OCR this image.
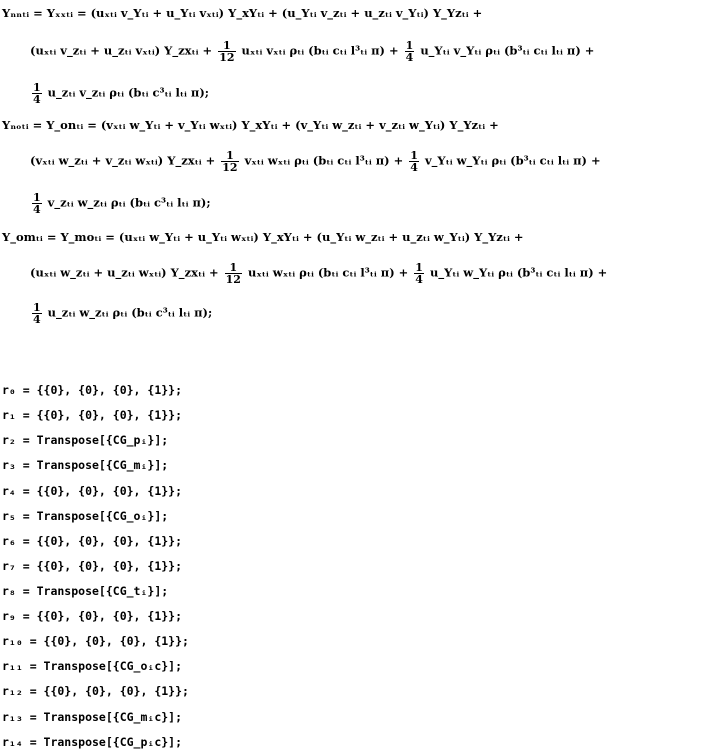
Yₙₙₜᵢ = Yₓₓₜᵢ = (uₓₜᵢ v_Yₜᵢ + u_Yₜᵢ vₓₜᵢ) Y_xYₜᵢ + (u_Yₜᵢ v_zₜᵢ + u_zₜᵢ v_Yₜᵢ) Y_Yzₜᵢ +
(uₓₜᵢ v_zₜᵢ + u_zₜᵢ vₓₜᵢ) Y_zxₜᵢ + $\frac{1}{12}$ uₓₜᵢ vₓₜᵢ ρₜᵢ (bₜᵢ cₜᵢ l³ₜᵢ $\pi) + \frac{1}{4}$ u_Yₜᵢ v_Yₜᵢ ρₜᵢ (b³ₜᵢ cₜᵢ lₜᵢ π) +
$\frac{1}{4}$ u_zₜᵢ v_zₜᵢ ρₜᵢ (bₜᵢ c³ₜᵢ lₜᵢ π);
Yₙₒₜᵢ = Y_onₜᵢ = (vₓₜᵢ w_Yₜᵢ + v_Yₜᵢ wₓₜᵢ) Y_xYₜᵢ + (v_Yₜᵢ w_zₜᵢ + v_zₜᵢ w_Yₜᵢ) Y_Yzₜᵢ +
(vₓₜᵢ w_zₜᵢ + v_zₜᵢ wₓₜᵢ) Y_zxₜᵢ + $\frac{1}{12}$ vₓₜᵢ wₓₜᵢ ρₜᵢ (bₜᵢ cₜᵢ l³ₜᵢ $\pi) + \frac{1}{4}$ v_Yₜᵢ w_Yₜᵢ ρₜᵢ (b³ₜᵢ cₜᵢ lₜᵢ π) +
$\frac{1}{4}$ v_zₜᵢ w_zₜᵢ ρₜᵢ (bₜᵢ c³ₜᵢ lₜᵢ π);
Y_omₜᵢ = Y_moₜᵢ = (uₓₜᵢ w_Yₜᵢ + u_Yₜᵢ wₓₜᵢ) Y_xYₜᵢ + (u_Yₜᵢ w_zₜᵢ + u_zₜᵢ w_Yₜᵢ) Y_Yzₜᵢ +
(uₓₜᵢ w_zₜᵢ + u_zₜᵢ wₓₜᵢ) Y_zxₜᵢ + $\frac{1}{12}$ uₓₜᵢ wₓₜᵢ ρₜᵢ (bₜᵢ cₜᵢ l³ₜᵢ $\pi) + \frac{1}{4}$ u_Yₜᵢ w_Yₜᵢ ρₜᵢ (b³ₜᵢ cₜᵢ lₜᵢ π) +
$\frac{1}{4}$ u_zₜᵢ w_zₜᵢ ρₜᵢ (bₜᵢ c³ₜᵢ lₜᵢ π);
r₀ = {{0}, {0}, {0}, {1}};
r₁ = {{0}, {0}, {0}, {1}};
r₂ = Transpose[{CG_pᵢ}];
r₃ = Transpose[{CG_mᵢ}];
r₄ = {{0}, {0}, {0}, {1}};
r₅ = Transpose[{CG_oᵢ}];
r₆ = {{0}, {0}, {0}, {1}};
r₇ = {{0}, {0}, {0}, {1}};
r₈ = Transpose[{CG_tᵢ}];
r₉ = {{0}, {0}, {0}, {1}};
r₁₀ = {{0}, {0}, {0}, {1}};
r₁₁ = Transpose[{CG_oᵢc}];
r₁₂ = {{0}, {0}, {0}, {1}};
r₁₃ = Transpose[{CG_mᵢc}];
r₁₄ = Transpose[{CG_pᵢc}];
